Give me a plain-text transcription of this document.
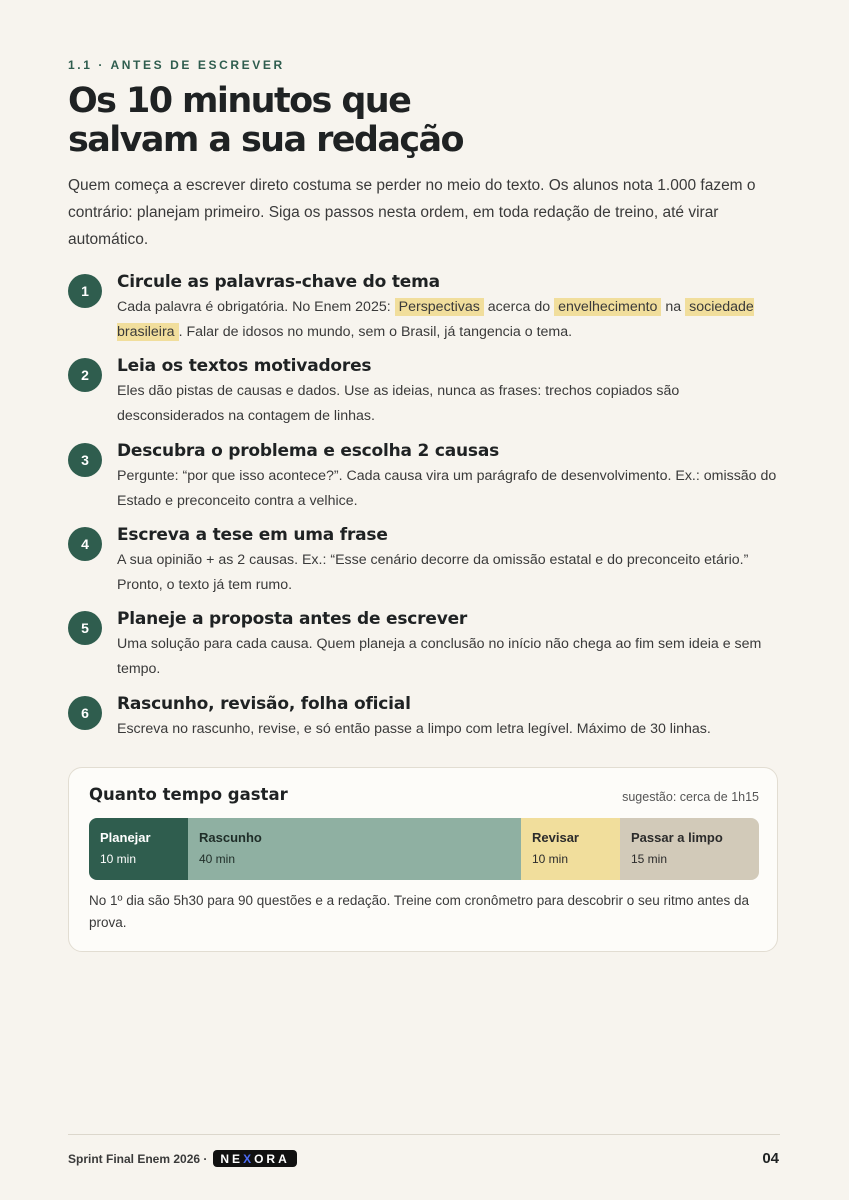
1.1 · ANTES DE ESCREVER
Os 10 minutos que
salvam a sua redação

Quem começa a escrever direto costuma se perder no meio do texto. Os alunos nota 1.000 fazem o contrário: planejam primeiro. Siga os passos nesta ordem, em toda redação de treino, até virar automático.

1	Circule as palavras-chave do tema

Cada palavra é obrigatória. No Enem 2025: Perspectivas acerca do envelhecimento na sociedade brasileira . Falar de idosos no mundo, sem o Brasil, já tangencia o tema.

2	Leia os textos motivadores

Eles dão pistas de causas e dados. Use as ideias, nunca as frases: trechos copiados são desconsiderados na contagem de linhas.

3	Descubra o problema e escolha 2 causas

Pergunte: “por que isso acontece?”. Cada causa vira um parágrafo de desenvolvimento. Ex.: omissão do Estado e preconceito contra a velhice.

4	Escreva a tese em uma frase

A sua opinião + as 2 causas. Ex.: “Esse cenário decorre da omissão estatal e do preconceito etário.” Pronto, o texto já tem rumo.

5	Planeje a proposta antes de escrever

Uma solução para cada causa. Quem planeja a conclusão no início não chega ao fim sem ideia e sem tempo.

6	Rascunho, revisão, folha oficial

Escreva no rascunho, revise, e só então passe a limpo com letra legível. Máximo de 30 linhas.

Quanto tempo gastar	sugestão: cerca de 1h15
Planejar
10 min
Rascunho
40 min
Revisar
10 min
Passar a limpo
15 min

No 1º dia são 5h30 para 90 questões e a redação. Treine com cronômetro para descobrir o seu ritmo antes da prova.

Sprint Final Enem 2026 · N E X ORA	04
